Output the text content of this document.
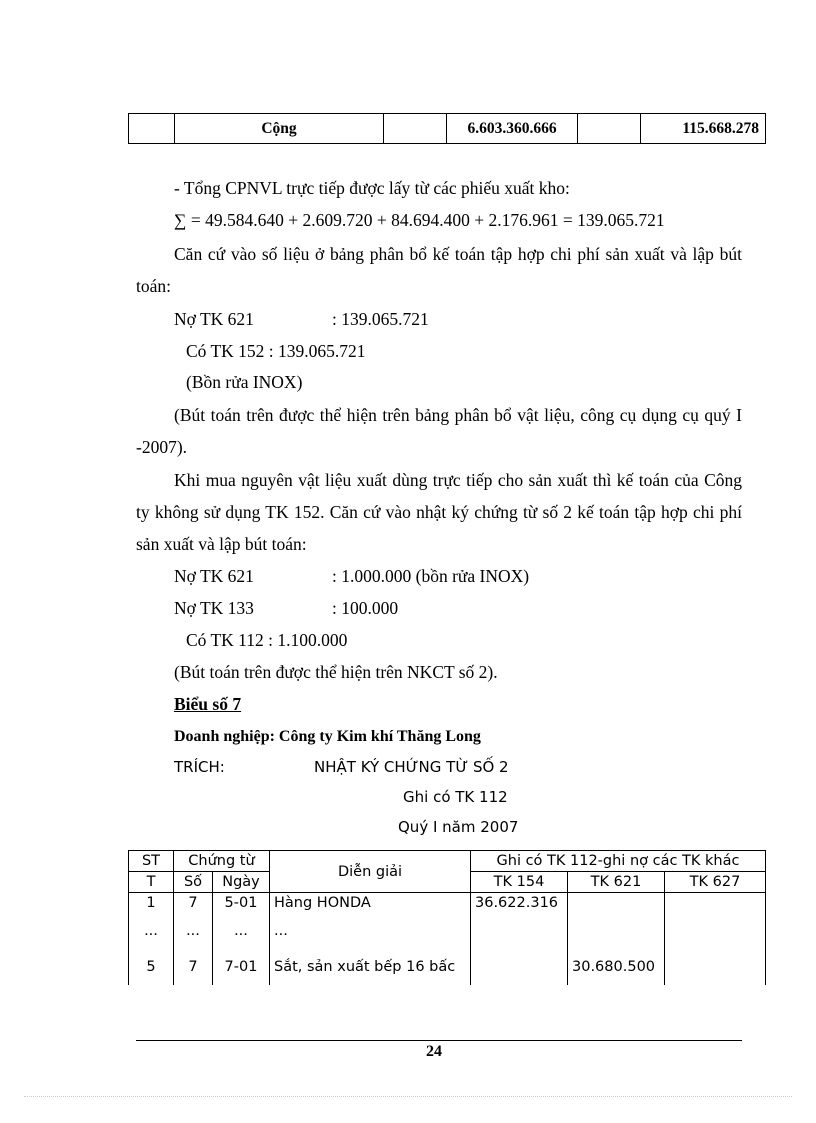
	Cộng		6.603.360.666		115.668.278
- Tổng CPNVL trực tiếp được lấy từ các phiếu xuất kho:
∑ = 49.584.640 + 2.609.720 + 84.694.400 + 2.176.961 = 139.065.721
Căn cứ vào số liệu ở bảng phân bổ kế toán tập hợp chi phí sản xuất và lập bút toán:
Nợ TK 621	: 139.065.721
Có TK 152 : 139.065.721
(Bồn rửa INOX)
(Bút toán trên được thể hiện trên bảng phân bổ vật liệu, công cụ dụng cụ quý I -2007).
Khi mua nguyên vật liệu xuất dùng trực tiếp cho sản xuất thì kế toán của Công ty không sử dụng TK 152. Căn cứ vào nhật ký chứng từ số 2 kế toán tập hợp chi phí sản xuất và lập bút toán:
Nợ TK 621	: 1.000.000 (bồn rửa INOX)
Nợ TK 133	: 100.000
Có TK 112 : 1.100.000
(Bút toán trên được thể hiện trên NKCT số 2).
Biểu số 7
Doanh nghiệp: Công ty Kim khí Thăng Long
TRÍCH:	NHẬT KÝ CHỨNG TỪ SỐ 2
Ghi có TK 112
Quý I năm 2007
ST	Chứng từ		Diễn giải	Ghi có TK 112-ghi nợ các TK khác		
T	Số	Ngày		TK 154	TK 621	TK 627
1	7	5-01	Hàng HONDA	36.622.316		
...	...	...	...			
5	7	7-01	Sắt, sản xuất bếp 16 bấc		30.680.500	
24
